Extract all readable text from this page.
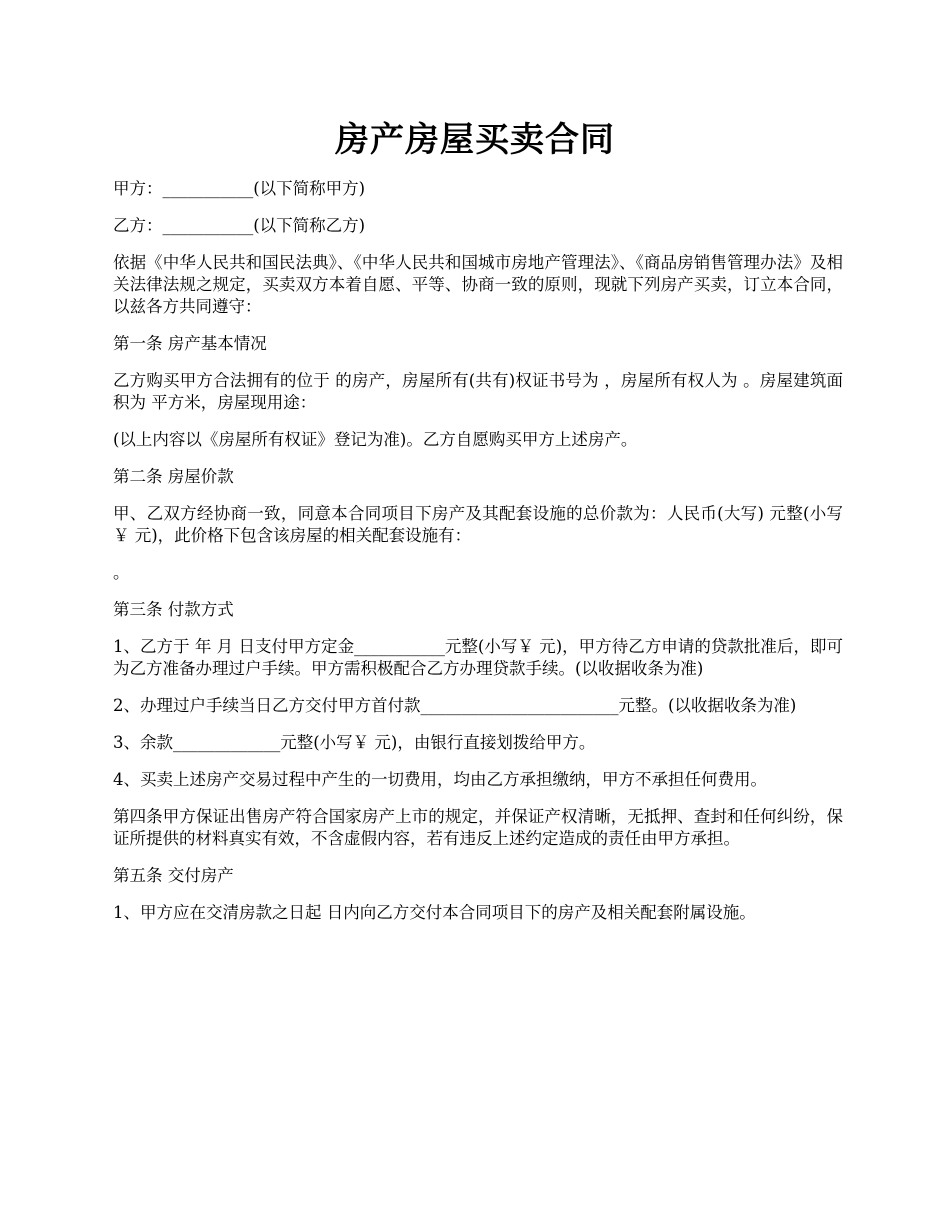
房产房屋买卖合同

甲方：___________(以下简称甲方)

乙方：___________(以下简称乙方)

依据《中华人民共和国民法典》、《中华人民共和国城市房地产管理法》、《商品房销售管理办法》及相关法律法规之规定，买卖双方本着自愿、平等、协商一致的原则，现就下列房产买卖，订立本合同，以兹各方共同遵守：

第一条 房产基本情况

乙方购买甲方合法拥有的位于 的房产，房屋所有(共有)权证书号为 ，房屋所有权人为 。房屋建筑面积为 平方米，房屋现用途：

(以上内容以《房屋所有权证》登记为准)。乙方自愿购买甲方上述房产。

第二条 房屋价款

甲、乙双方经协商一致，同意本合同项目下房产及其配套设施的总价款为：人民币(大写) 元整(小写￥ 元)，此价格下包含该房屋的相关配套设施有：

。

第三条 付款方式

1、乙方于 年 月 日支付甲方定金___________元整(小写￥ 元)，甲方待乙方申请的贷款批准后，即可为乙方准备办理过户手续。甲方需积极配合乙方办理贷款手续。(以收据收条为准)

2、办理过户手续当日乙方交付甲方首付款________________________元整。(以收据收条为准)

3、余款_____________元整(小写￥ 元)，由银行直接划拨给甲方。

4、买卖上述房产交易过程中产生的一切费用，均由乙方承担缴纳，甲方不承担任何费用。

第四条甲方保证出售房产符合国家房产上市的规定，并保证产权清晰，无抵押、查封和任何纠纷，保证所提供的材料真实有效，不含虚假内容，若有违反上述约定造成的责任由甲方承担。

第五条 交付房产

1、甲方应在交清房款之日起 日内向乙方交付本合同项目下的房产及相关配套附属设施。
